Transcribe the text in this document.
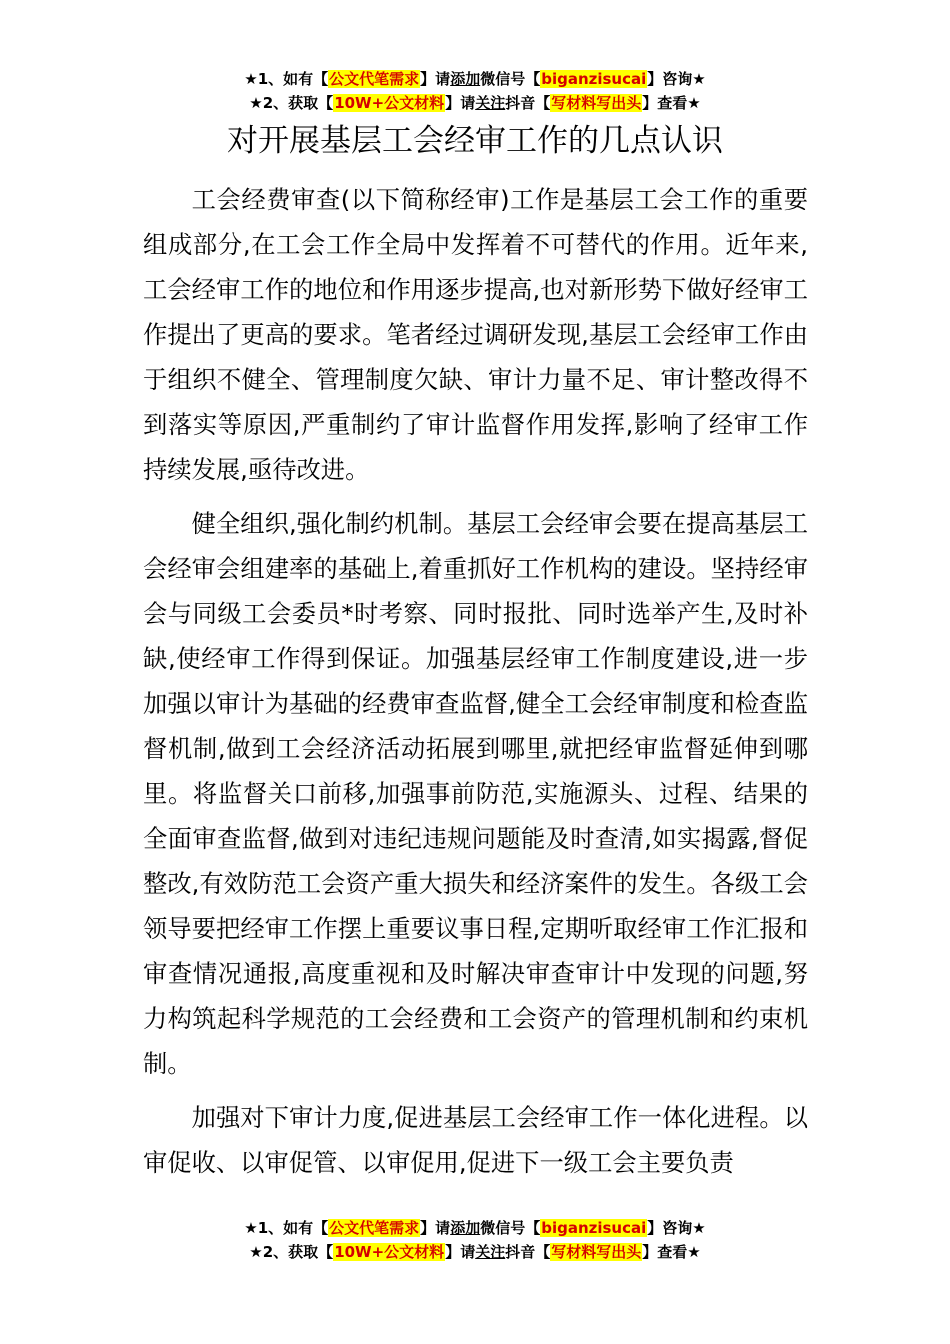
★1、如有【公文代笔需求】请添加微信号【biganzisucai】咨询★
★2、获取【10W+公文材料】请关注抖音【写材料写出头】查看★
对开展基层工会经审工作的几点认识

工会经费审查(以下简称经审)工作是基层工会工作的重要组成部分,在工会工作全局中发挥着不可替代的作用。近年来,工会经审工作的地位和作用逐步提高,也对新形势下做好经审工作提出了更高的要求。笔者经过调研发现,基层工会经审工作由于组织不健全、管理制度欠缺、审计力量不足、审计整改得不到落实等原因,严重制约了审计监督作用发挥,影响了经审工作持续发展,亟待改进。

健全组织,强化制约机制。基层工会经审会要在提高基层工会经审会组建率的基础上,着重抓好工作机构的建设。坚持经审会与同级工会委员*时考察、同时报批、同时选举产生,及时补缺,使经审工作得到保证。加强基层经审工作制度建设,进一步加强以审计为基础的经费审查监督,健全工会经审制度和检查监督机制,做到工会经济活动拓展到哪里,就把经审监督延伸到哪里。将监督关口前移,加强事前防范,实施源头、过程、结果的全面审查监督,做到对违纪违规问题能及时查清,如实揭露,督促整改,有效防范工会资产重大损失和经济案件的发生。各级工会领导要把经审工作摆上重要议事日程,定期听取经审工作汇报和审查情况通报,高度重视和及时解决审查审计中发现的问题,努力构筑起科学规范的工会经费和工会资产的管理机制和约束机制。

加强对下审计力度,促进基层工会经审工作一体化进程。以审促收、以审促管、以审促用,促进下一级工会主要负责

★1、如有【公文代笔需求】请添加微信号【biganzisucai】咨询★
★2、获取【10W+公文材料】请关注抖音【写材料写出头】查看★
